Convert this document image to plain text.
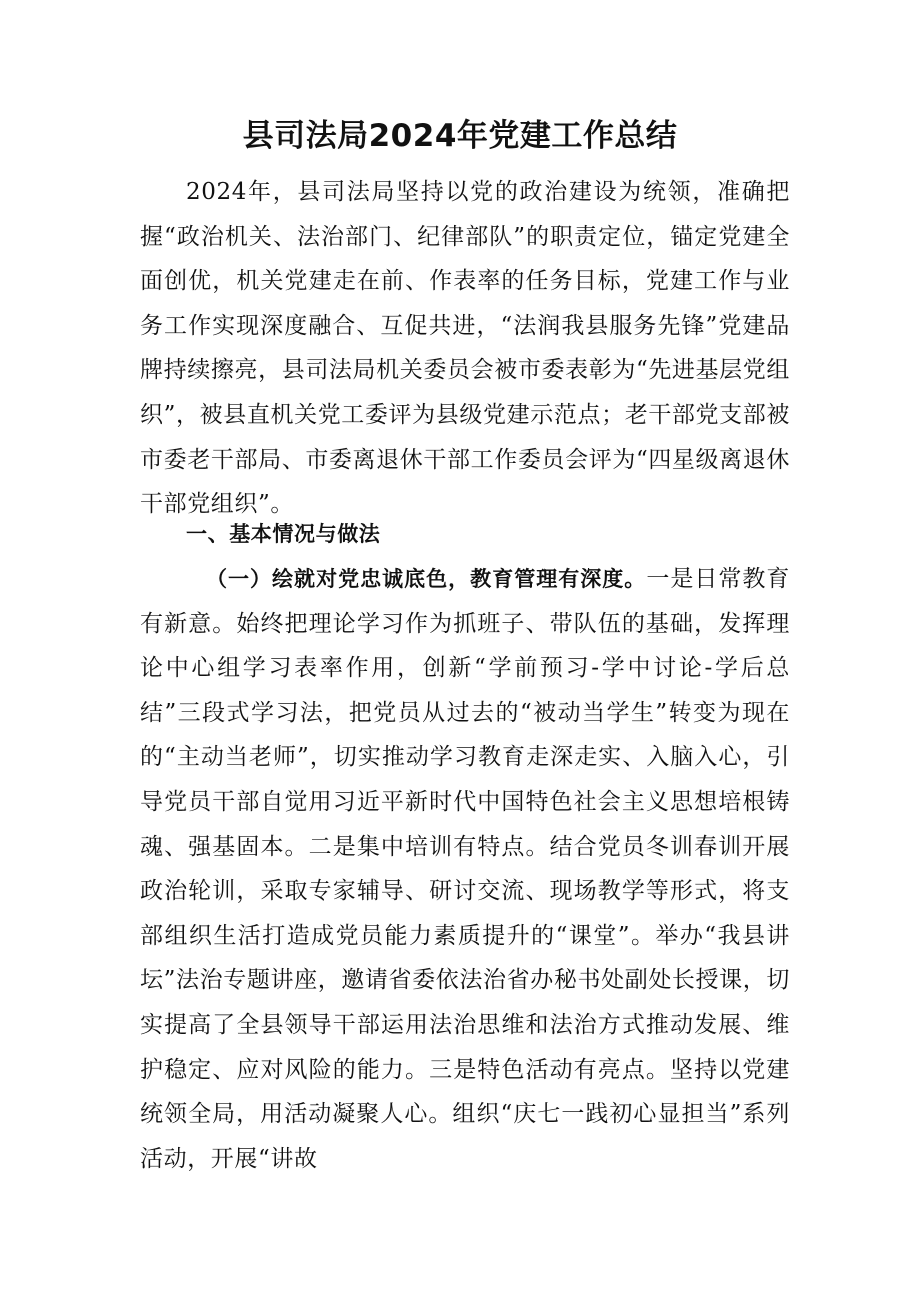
县司法局2024年党建工作总结

2024年，县司法局坚持以党的政治建设为统领，准确把握“政治机关、法治部门、纪律部队”的职责定位，锚定党建全面创优，机关党建走在前、作表率的任务目标，党建工作与业务工作实现深度融合、互促共进，“法润我县服务先锋”党建品牌持续擦亮，县司法局机关委员会被市委表彰为“先进基层党组织”，被县直机关党工委评为县级党建示范点；老干部党支部被市委老干部局、市委离退休干部工作委员会评为“四星级离退休干部党组织”。

一、基本情况与做法

（一）绘就对党忠诚底色，教育管理有深度。一是日常教育有新意。始终把理论学习作为抓班子、带队伍的基础，发挥理论中心组学习表率作用，创新“学前预习-学中讨论-学后总结”三段式学习法，把党员从过去的“被动当学生”转变为现在的“主动当老师”，切实推动学习教育走深走实、入脑入心，引导党员干部自觉用习近平新时代中国特色社会主义思想培根铸魂、强基固本。二是集中培训有特点。结合党员冬训春训开展政治轮训，采取专家辅导、研讨交流、现场教学等形式，将支部组织生活打造成党员能力素质提升的“课堂”。举办“我县讲坛”法治专题讲座，邀请省委依法治省办秘书处副处长授课，切实提高了全县领导干部运用法治思维和法治方式推动发展、维护稳定、应对风险的能力。三是特色活动有亮点。坚持以党建统领全局，用活动凝聚人心。组织“庆七一践初心显担当”系列活动，开展“讲故
